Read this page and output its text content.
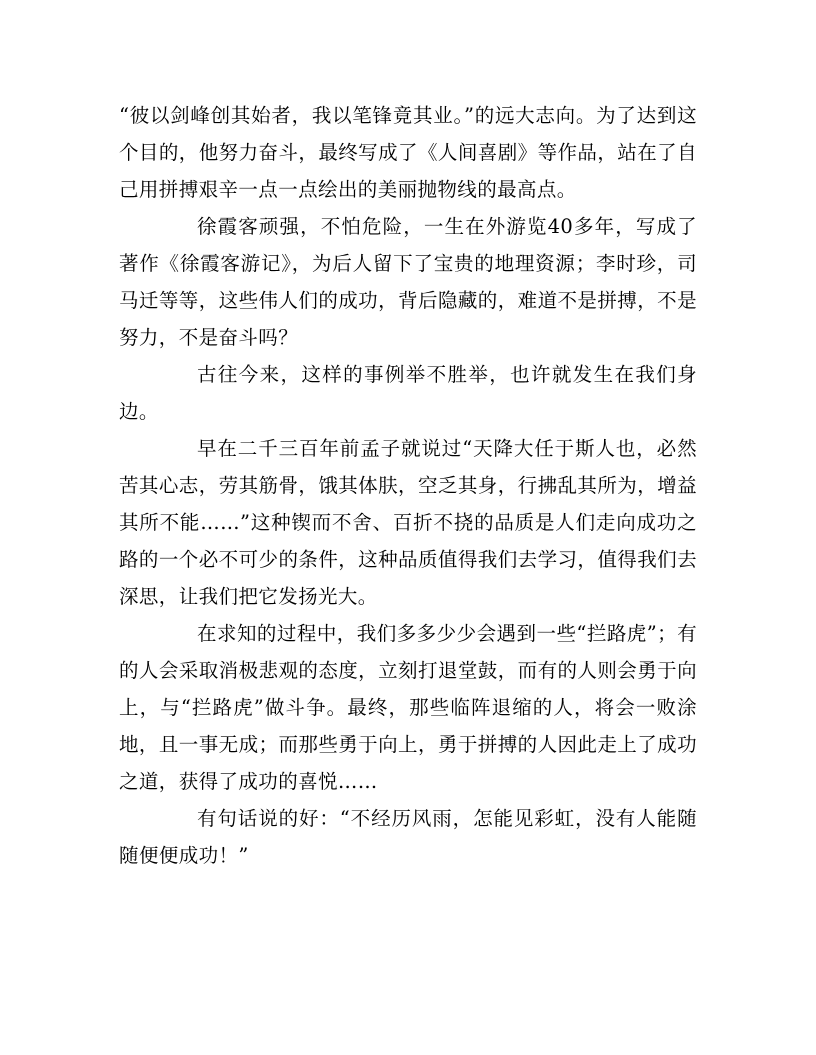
“彼以剑峰创其始者，我以笔锋竟其业。”的远大志向。为了达到这个目的，他努力奋斗，最终写成了《人间喜剧》等作品，站在了自己用拼搏艰辛一点一点绘出的美丽抛物线的最高点。

徐霞客顽强，不怕危险，一生在外游览40多年，写成了著作《徐霞客游记》，为后人留下了宝贵的地理资源；李时珍，司马迁等等，这些伟人们的成功，背后隐藏的，难道不是拼搏，不是努力，不是奋斗吗？

古往今来，这样的事例举不胜举，也许就发生在我们身边。

早在二千三百年前孟子就说过“天降大任于斯人也，必然苦其心志，劳其筋骨，饿其体肤，空乏其身，行拂乱其所为，增益其所不能……”这种锲而不舍、百折不挠的品质是人们走向成功之路的一个必不可少的条件，这种品质值得我们去学习，值得我们去深思，让我们把它发扬光大。

在求知的过程中，我们多多少少会遇到一些“拦路虎”；有的人会采取消极悲观的态度，立刻打退堂鼓，而有的人则会勇于向上，与“拦路虎”做斗争。最终，那些临阵退缩的人，将会一败涂地，且一事无成；而那些勇于向上，勇于拼搏的人因此走上了成功之道，获得了成功的喜悦……

有句话说的好：“不经历风雨，怎能见彩虹，没有人能随随便便成功！”
